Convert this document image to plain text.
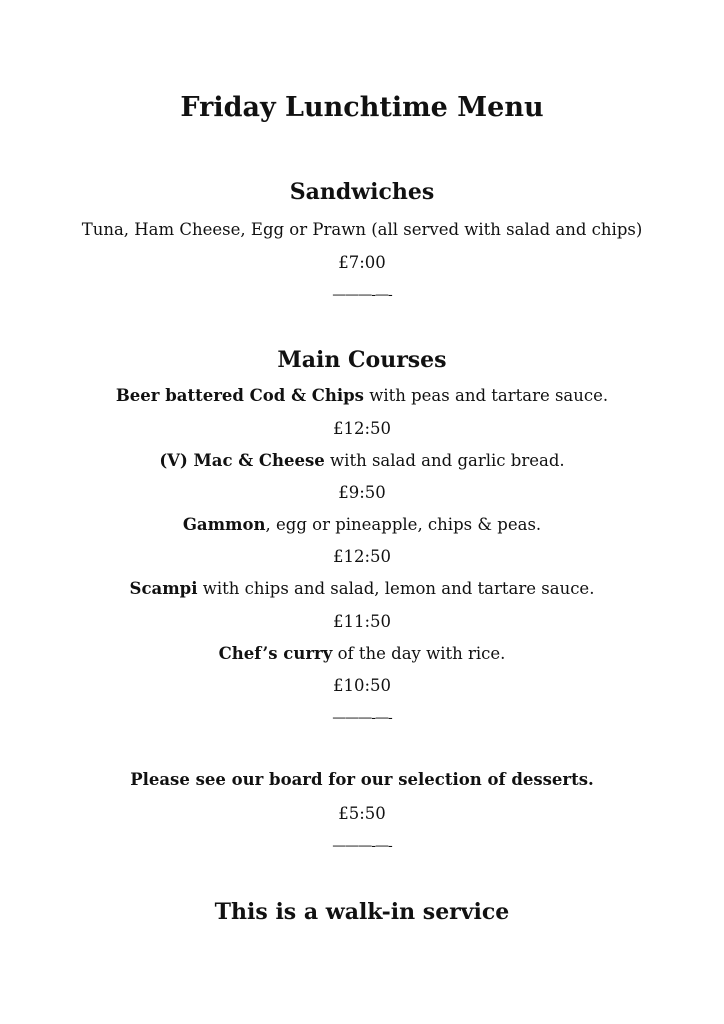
Friday Lunchtime Menu
Sandwiches
Tuna, Ham Cheese, Egg or Prawn (all served with salad and chips)
£7:00
———-—-
Main Courses
Beer battered Cod & Chips with peas and tartare sauce.
£12:50
(V) Mac & Cheese with salad and garlic bread.
£9:50
Gammon, egg or pineapple, chips & peas.
£12:50
Scampi with chips and salad, lemon and tartare sauce.
£11:50
Chef’s curry of the day with rice.
£10:50
———-—-
Please see our board for our selection of desserts.
£5:50
———-—-
This is a walk-in service
